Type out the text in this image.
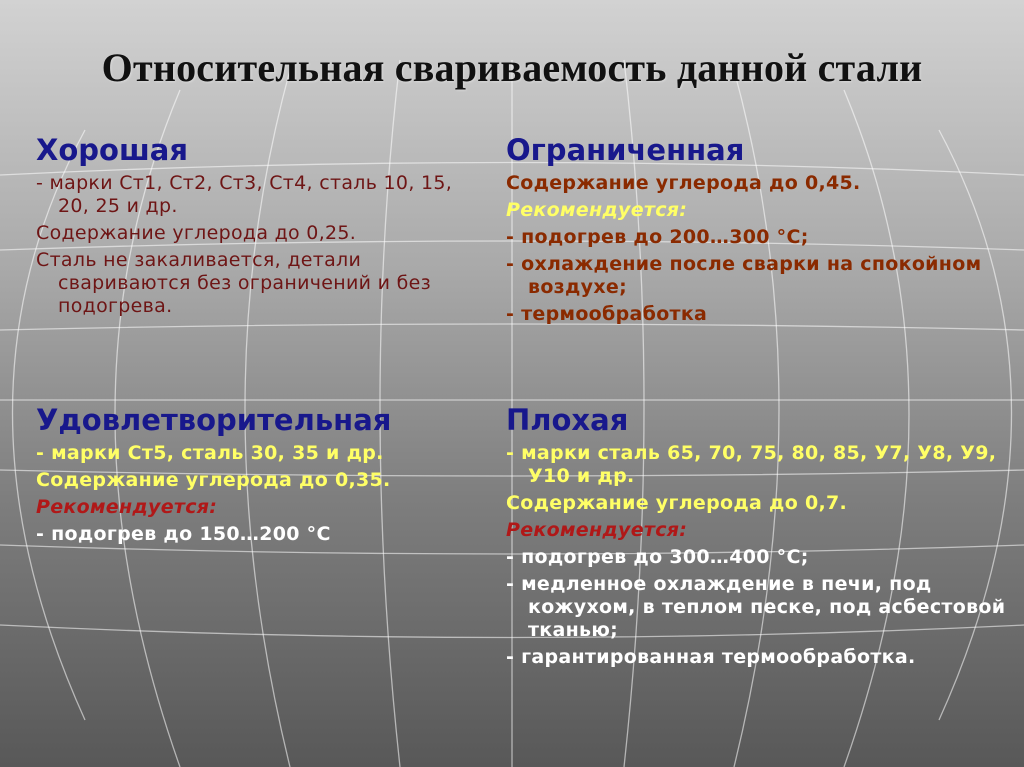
Относительная свариваемость данной стали
Хорошая
- марки Ст1, Ст2, Ст3, Ст4, сталь 10, 15, 20, 25 и др.
Содержание углерода до 0,25.
Сталь не закаливается, детали свариваются без ограничений и без подогрева.
Ограниченная
Содержание углерода до 0,45.
Рекомендуется:
- подогрев до 200…300 °С;
- охлаждение после сварки на спокойном воздухе;
- термообработка
Удовлетворительная
- марки Ст5, сталь 30, 35 и др.
Содержание углерода до 0,35.
Рекомендуется:
- подогрев до 150…200 °С
Плохая
- марки сталь 65, 70, 75, 80, 85, У7, У8, У9, У10 и др.
Содержание углерода до 0,7.
Рекомендуется:
- подогрев до 300…400 °С;
- медленное охлаждение в печи, под кожухом, в теплом песке, под асбестовой тканью;
- гарантированная термообработка.
